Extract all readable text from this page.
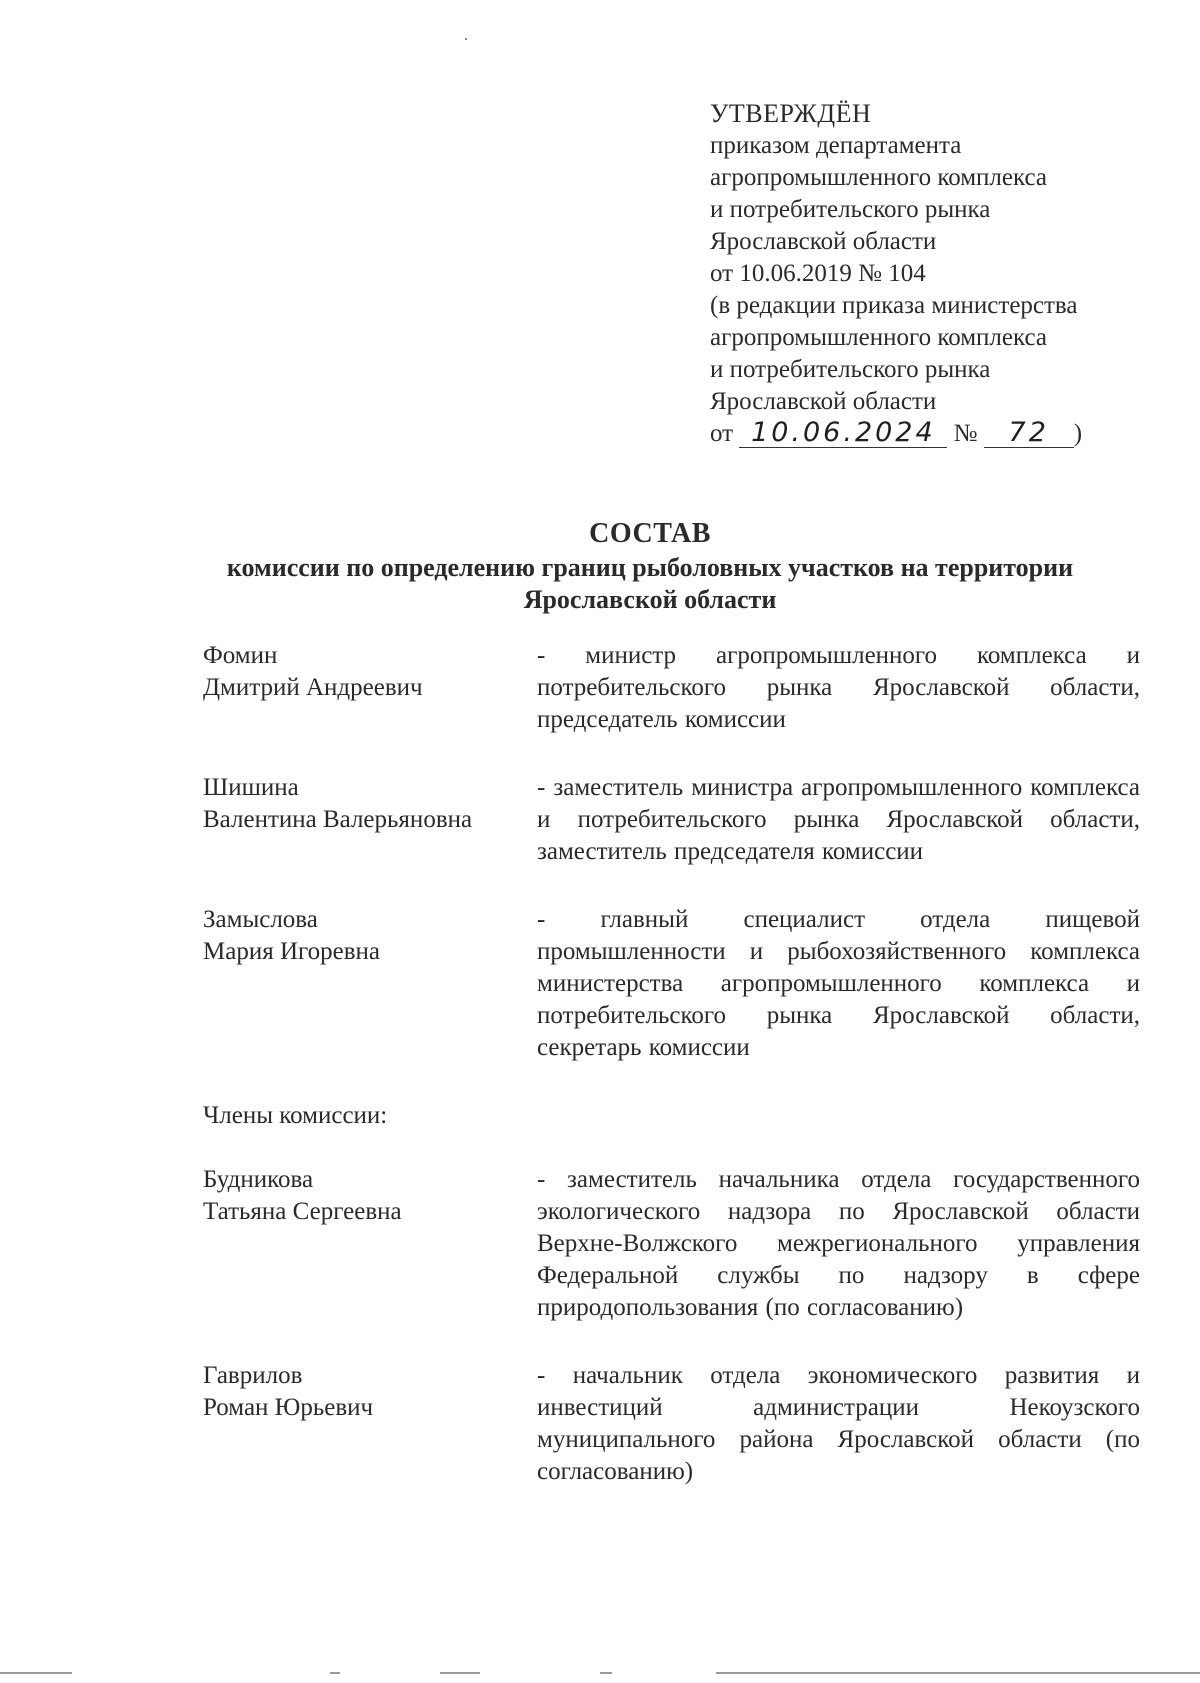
УТВЕРЖДЁН
приказом департамента
агропромышленного комплекса
и потребительского рынка
Ярославской области
от 10.06.2019 № 104
(в редакции приказа министерства
агропромышленного комплекса
и потребительского рынка
Ярославской области
от 10.06.2024 № 72 )
СОСТАВ
комиссии по определению границ рыболовных участков на территории
Ярославской области
Фомин
Дмитрий Андреевич
- министр агропромышленного комплекса и потребительского рынка Ярославской области, председатель комиссии
Шишина
Валентина Валерьяновна
- заместитель министра агропромышленного комплекса и потребительского рынка Ярославской области, заместитель председателя комиссии
Замыслова
Мария Игоревна
- главный специалист отдела пищевой промышленности и рыбохозяйственного комплекса министерства агропромышленного комплекса и потребительского рынка Ярославской области, секретарь комиссии
Члены комиссии:
Будникова
Татьяна Сергеевна
- заместитель начальника отдела государственного экологического надзора по Ярославской области Верхне-Волжского межрегионального управления Федеральной службы по надзору в сфере природопользования (по согласованию)
Гаврилов
Роман Юрьевич
- начальник отдела экономического развития и инвестиций администрации Некоузского муниципального района Ярославской области (по согласованию)
